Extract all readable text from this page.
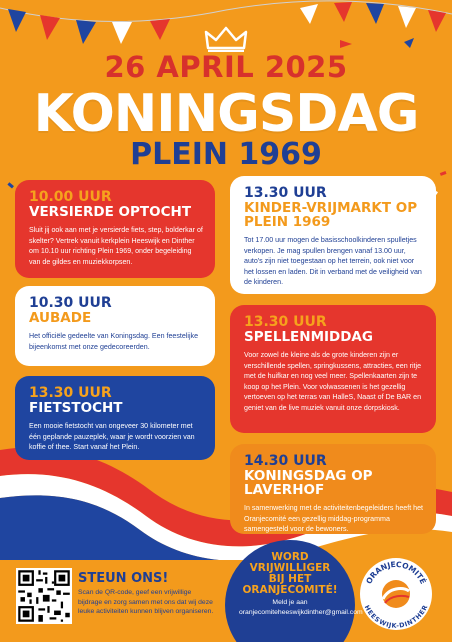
26 APRIL 2025
KONINGSDAG
PLEIN 1969
10.00 UUR
VERSIERDE OPTOCHT
Sluit jij ook aan met je versierde fiets, step, bolderkar of skelter? Vertrek vanuit kerkplein Heeswijk en Dinther om 10.10 uur richting Plein 1969, onder begeleiding van de gildes en muziekkorpsen.
13.30 UUR
KINDER-VRIJMARKT OP PLEIN 1969
Tot 17.00 uur mogen de basisschoolkinderen spulletjes verkopen. Je mag spullen brengen vanaf 13.00 uur, auto's zijn niet toegestaan op het terrein, ook niet voor het lossen en laden. Dit in verband met de veiligheid van de kinderen.
10.30 UUR
AUBADE
Het officiële gedeelte van Koningsdag. Een feestelijke bijeenkomst met onze gedecoreerden.
13.30 UUR
SPELLENMIDDAG
Voor zowel de kleine als de grote kinderen zijn er verschillende spellen, springkussens, attracties, een ritje met de huifkar en nog veel meer. Spellenkaarten zijn te koop op het Plein. Voor volwassenen is het gezellig vertoeven op het terras van HalleS, Naast of De BAR en geniet van de live muziek vanuit onze dorpskiosk.
13.30 UUR
FIETSTOCHT
Een mooie fietstocht van ongeveer 30 kilometer met één geplande pauzeplek, waar je wordt voorzien van koffie of thee. Start vanaf het Plein.
14.30 UUR
KONINGSDAG OP LAVERHOF
In samenwerking met de activiteitenbegeleiders heeft het Oranjecomité een gezellig middag-programma samengesteld voor de bewoners.
STEUN ONS!
Scan de QR-code, geef een vrijwillige bijdrage en zorg samen met ons dat wij deze leuke activiteiten kunnen blijven organiseren.
WORD VRIJWILLIGER BIJ HET ORANJECOMITÉ!
Meld je aan oranjecomiteheeswijkdinther@gmail.com
ORANJECOMITÉ
HEESWIJK-DINTHER
